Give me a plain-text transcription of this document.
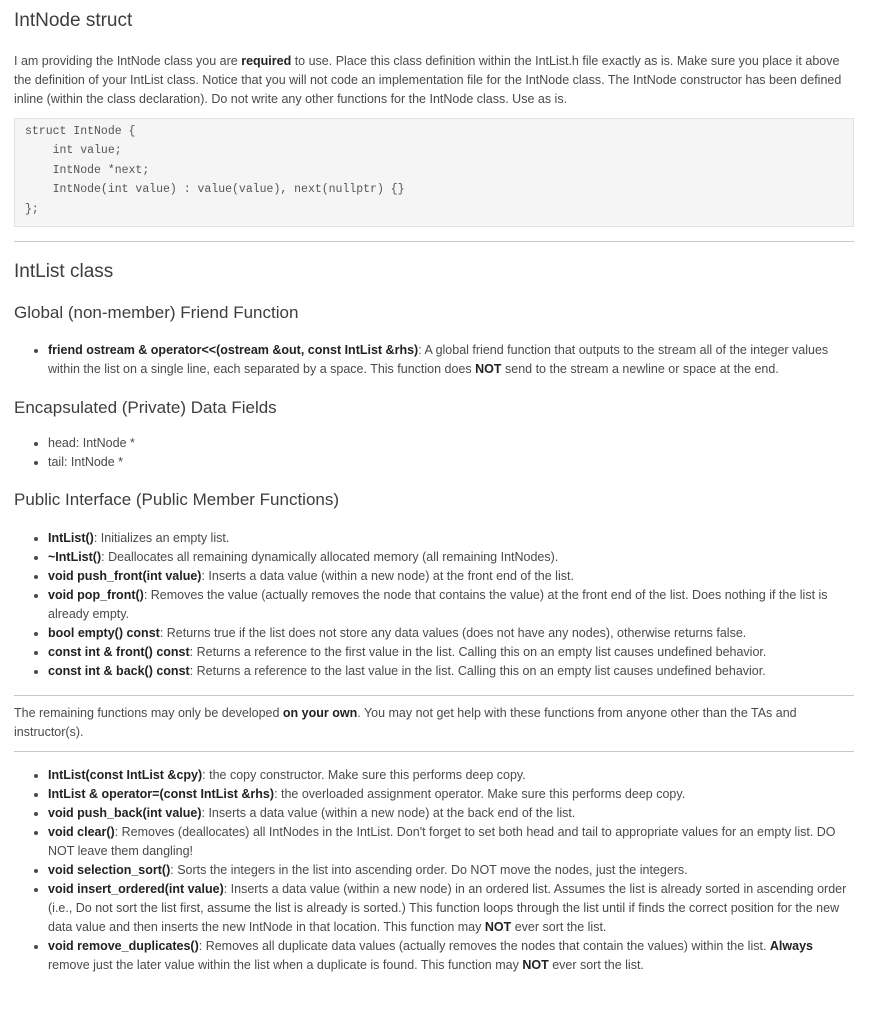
IntNode struct

I am providing the IntNode class you are required to use. Place this class definition within the IntList.h file exactly as is. Make sure you place it above the definition of your IntList class. Notice that you will not code an implementation file for the IntNode class. The IntNode constructor has been defined inline (within the class declaration). Do not write any other functions for the IntNode class. Use as is.

struct IntNode {
int value;
IntNode *next;
IntNode(int value) : value(value), next(nullptr) {}
};
IntList class
Global (non-member) Friend Function
• friend ostream & operator<<(ostream &out, const IntList &rhs): A global friend function that outputs to the stream all of the integer values within the list on a single line, each separated by a space. This function does NOT send to the stream a newline or space at the end.
Encapsulated (Private) Data Fields
• head: IntNode *
• tail: IntNode *
Public Interface (Public Member Functions)
• IntList(): Initializes an empty list.
• ~IntList(): Deallocates all remaining dynamically allocated memory (all remaining IntNodes).
• void push_front(int value): Inserts a data value (within a new node) at the front end of the list.
• void pop_front(): Removes the value (actually removes the node that contains the value) at the front end of the list. Does nothing if the list is already empty.
• bool empty() const: Returns true if the list does not store any data values (does not have any nodes), otherwise returns false.
• const int & front() const: Returns a reference to the first value in the list. Calling this on an empty list causes undefined behavior.
• const int & back() const: Returns a reference to the last value in the list. Calling this on an empty list causes undefined behavior.

The remaining functions may only be developed on your own. You may not get help with these functions from anyone other than the TAs and instructor(s).

• IntList(const IntList &cpy): the copy constructor. Make sure this performs deep copy.
• IntList & operator=(const IntList &rhs): the overloaded assignment operator. Make sure this performs deep copy.
• void push_back(int value): Inserts a data value (within a new node) at the back end of the list.
• void clear(): Removes (deallocates) all IntNodes in the IntList. Don't forget to set both head and tail to appropriate values for an empty list. DO NOT leave them dangling!
• void selection_sort(): Sorts the integers in the list into ascending order. Do NOT move the nodes, just the integers.
• void insert_ordered(int value): Inserts a data value (within a new node) in an ordered list. Assumes the list is already sorted in ascending order (i.e., Do not sort the list first, assume the list is already is sorted.) This function loops through the list until if finds the correct position for the new data value and then inserts the new IntNode in that location. This function may NOT ever sort the list.
• void remove_duplicates(): Removes all duplicate data values (actually removes the nodes that contain the values) within the list. Always remove just the later value within the list when a duplicate is found. This function may NOT ever sort the list.
